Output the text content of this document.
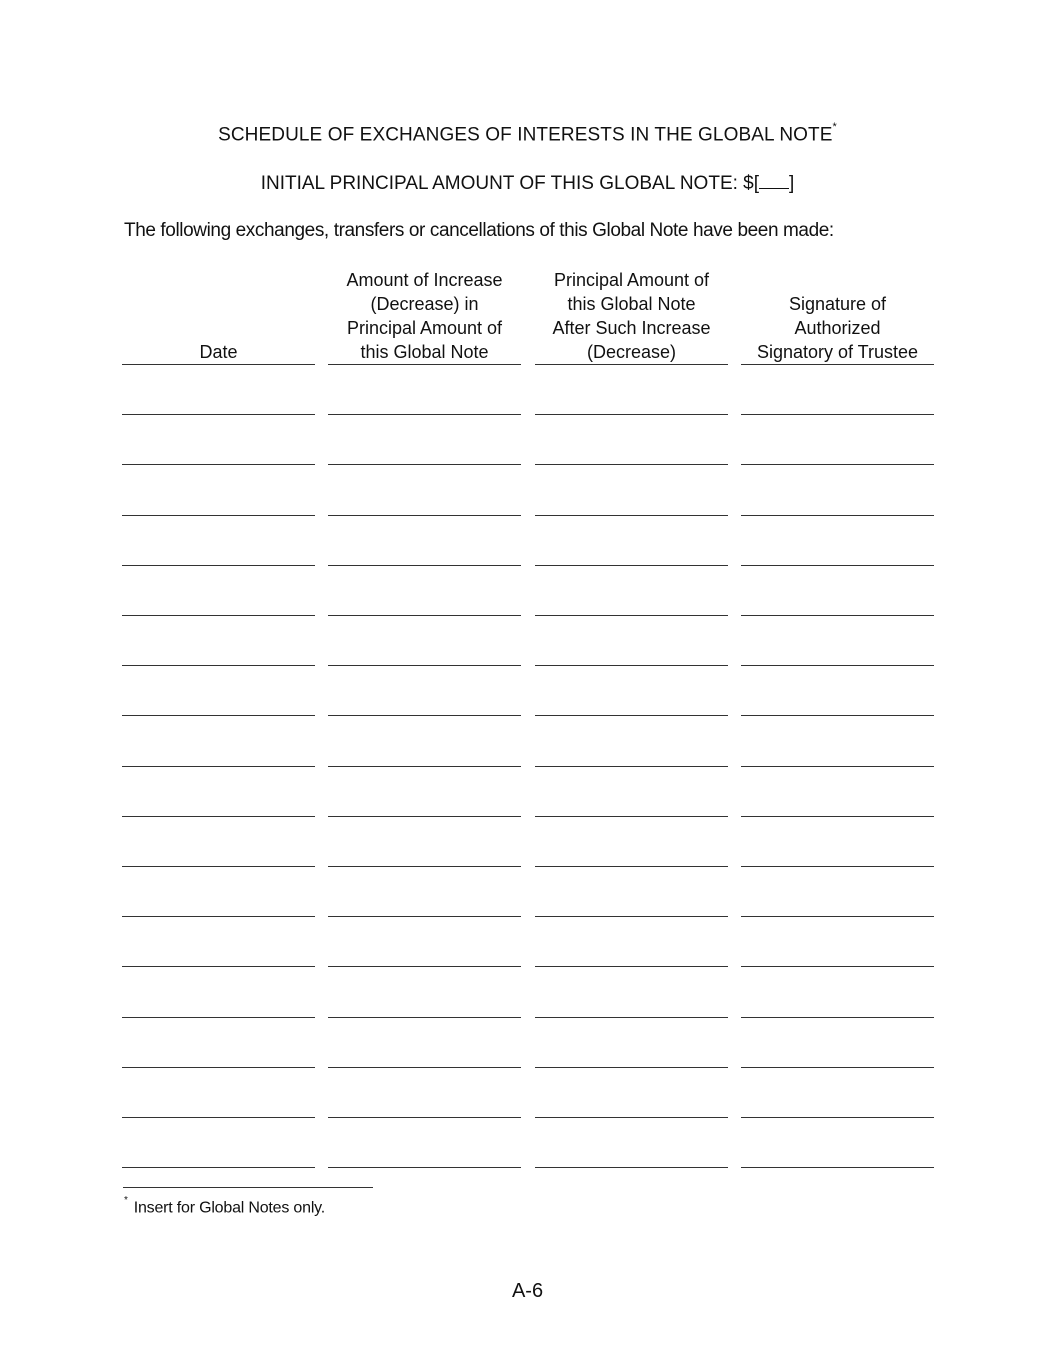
SCHEDULE OF EXCHANGES OF INTERESTS IN THE GLOBAL NOTE*
INITIAL PRINCIPAL AMOUNT OF THIS GLOBAL NOTE: $[ ]
The following exchanges, transfers or cancellations of this Global Note have been made:
Date
Amount of Increase
(Decrease) in
Principal Amount of
this Global Note
Principal Amount of
this Global Note
After Such Increase
(Decrease)
Signature of
Authorized
Signatory of Trustee
* Insert for Global Notes only.
A-6
